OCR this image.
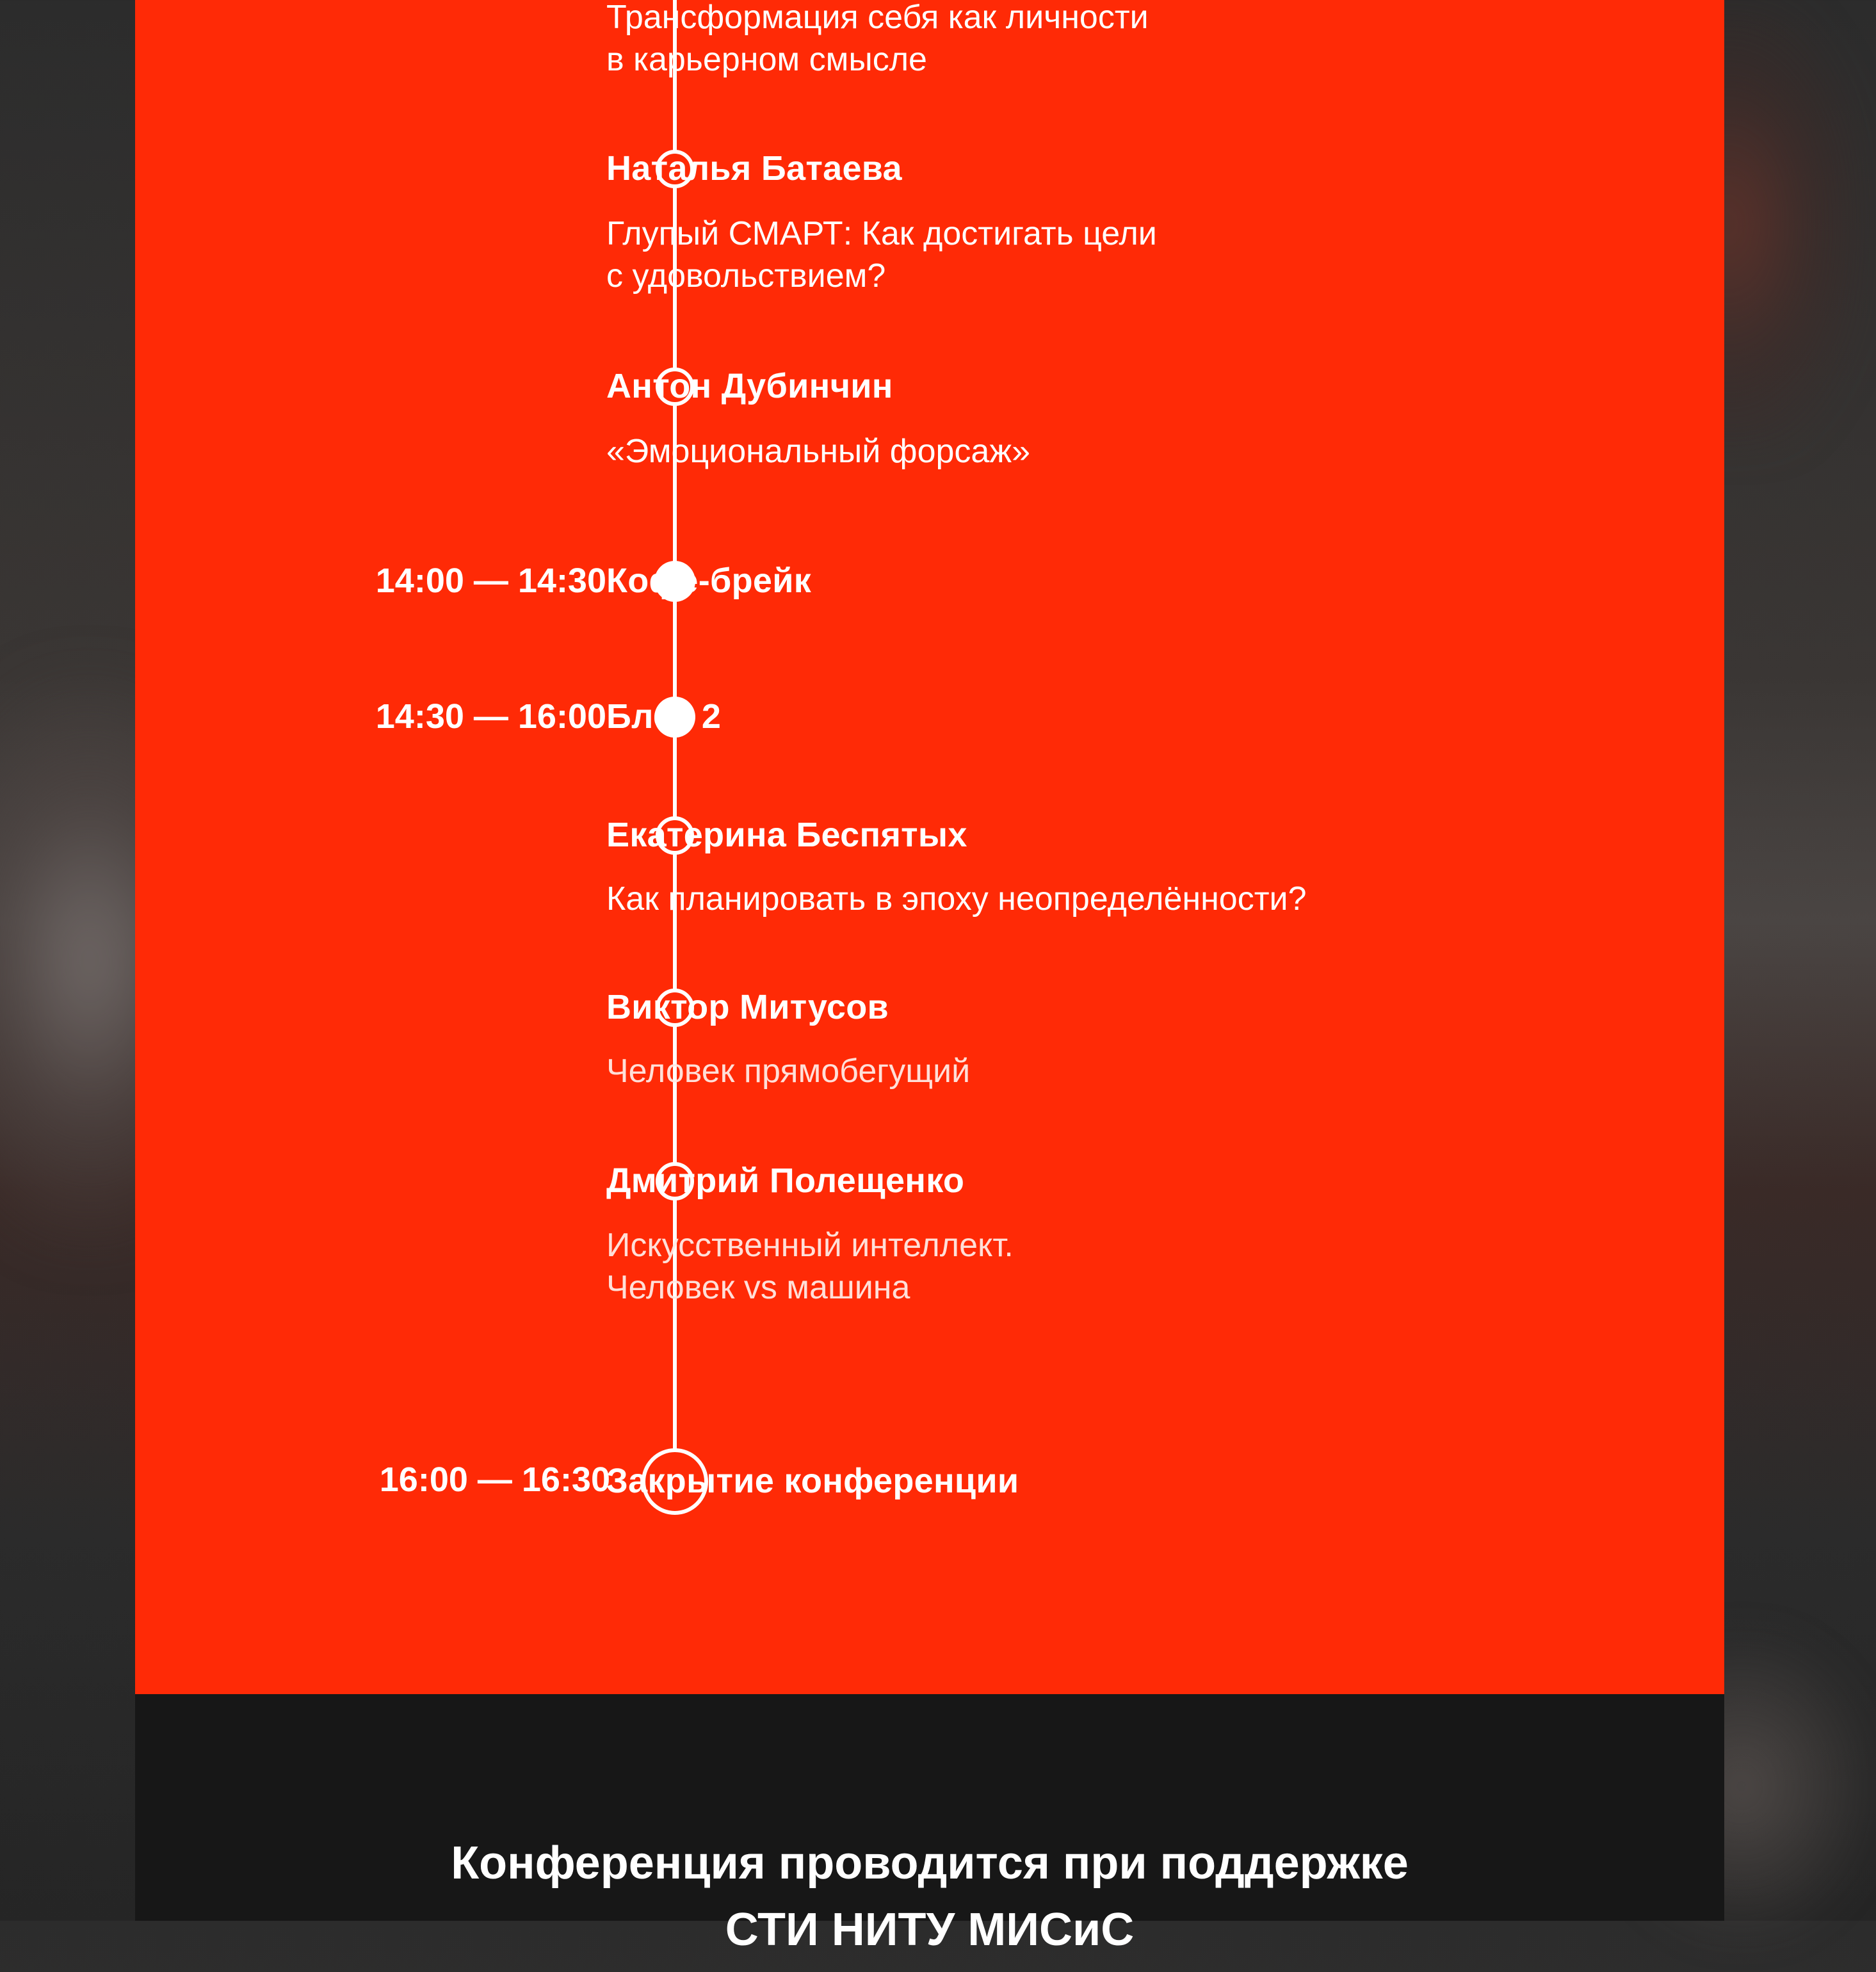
Трансформация себя как личности
в карьерном смысле
Наталья Батаева
Глупый СМАРТ: Как достигать цели
с удовольствием?
Антон Дубинчин
«Эмоциональный форсаж»
14:00 — 14:30 Кофе-брейк
14:30 — 16:00 Блок 2
Екатерина Беспятых
Как планировать в эпоху неопределённости?
Виктор Митусов
Человек прямобегущий
Дмитрий Полещенко
Искусственный интеллект.
Человек vs машина
16:00 — 16:30
Закрытие конференции
Конференция проводится при поддержке
СТИ НИТУ МИСиС
